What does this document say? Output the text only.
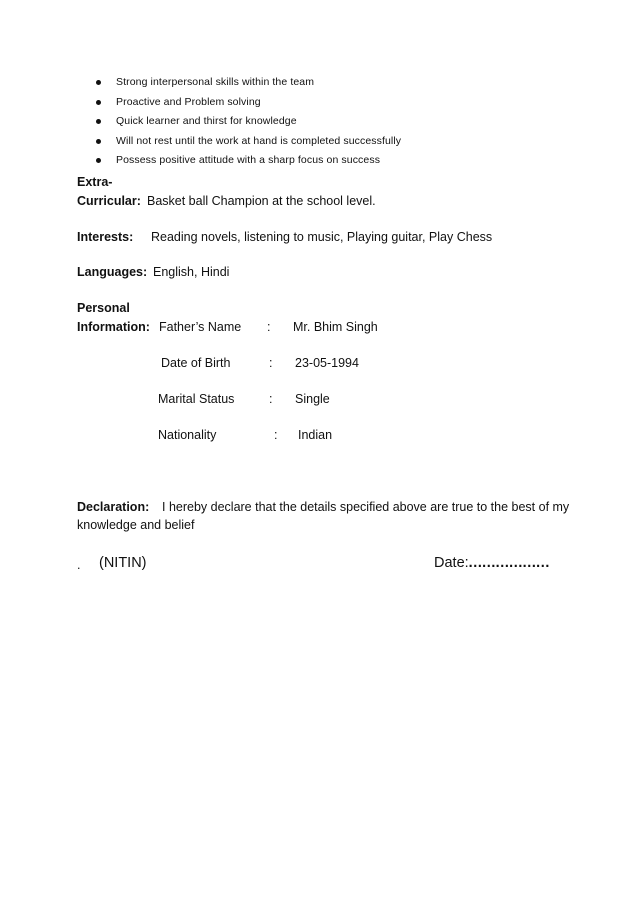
Strong interpersonal skills within the team
Proactive and Problem solving
Quick learner and thirst for knowledge
Will not rest until the work at hand is completed successfully
Possess positive attitude with a sharp focus on success
Extra-
Curricular: Basket ball Champion at the school level.
Interests: Reading novels, listening to music, Playing guitar, Play Chess
Languages: English, Hindi
Personal
Information: Father’s Name : Mr. Bhim Singh
Date of Birth	: 23-05-1994
Marital Status	: Single
Nationality	: Indian
Declaration: I hereby declare that the details specified above are true to the best of my
knowledge and belief
. (NITIN)	Date: ………………
